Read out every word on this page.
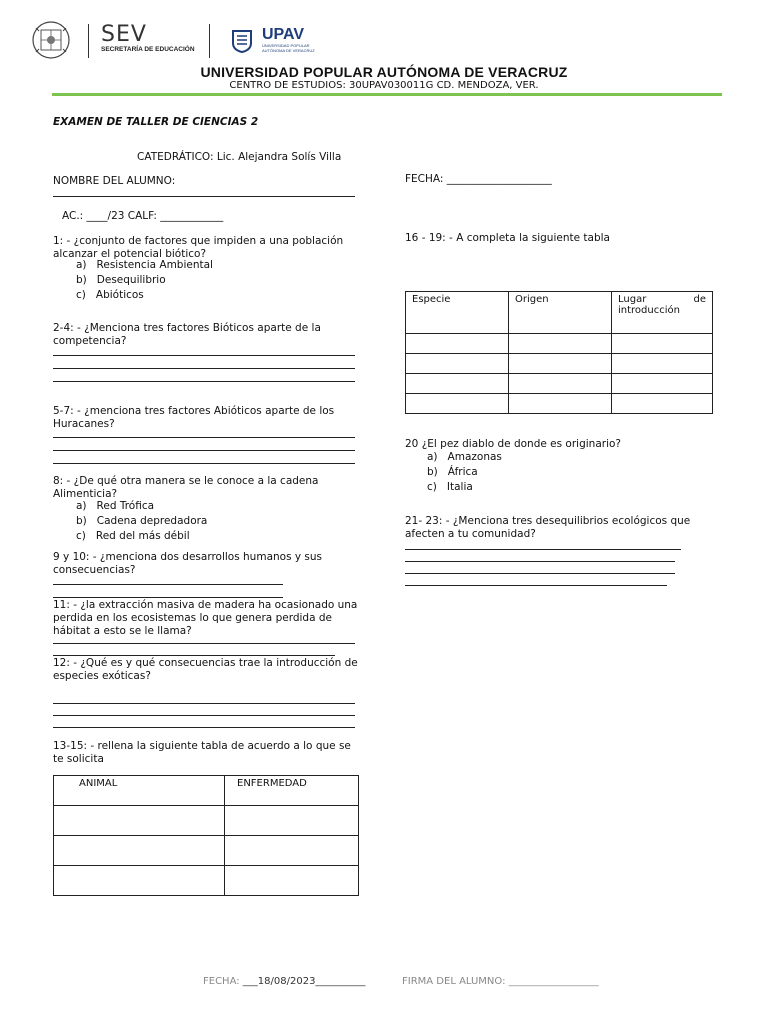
SEV
SECRETARÍA DE EDUCACIÓN
UPAV
UNIVERSIDAD POPULAR
AUTÓNOMA DE VERACRUZ
UNIVERSIDAD POPULAR AUTÓNOMA DE VERACRUZ
CENTRO DE ESTUDIOS: 30UPAV030011G CD. MENDOZA, VER.
EXAMEN DE TALLER DE CIENCIAS 2
CATEDRÁTICO: Lic. Alejandra Solís Villa
NOMBRE DEL ALUMNO:	FECHA: ____________________
AC.: ____/23 CALF: ____________
1: - ¿conjunto de factores que impiden a una población alcanzar el potencial biótico?
a)   Resistencia Ambiental
b)   Desequilibrio
c)   Abióticos
2-4: - ¿Menciona tres factores Bióticos aparte de la competencia?
5-7: - ¿menciona tres factores Abióticos aparte de los Huracanes?
8: - ¿De qué otra manera se le conoce a la cadena Alimenticia?
a)   Red Trófica
b)   Cadena depredadora
c)   Red del más débil
9 y 10: - ¿menciona dos desarrollos humanos y sus consecuencias?
11: - ¿la extracción masiva de madera ha ocasionado una perdida en los ecosistemas lo que genera perdida de hábitat a esto se le llama?
12: - ¿Qué es y qué consecuencias trae la introducción de especies exóticas?
13-15: - rellena la siguiente tabla de acuerdo a lo que se te solicita
ANIMAL	ENFERMEDAD

16 - 19: - A completa la siguiente tabla
Especie	Origen	Lugar de introducción

20 ¿El pez diablo de donde es originario?
a)   Amazonas
b)   África
c)   Italia
21- 23: - ¿Menciona tres desequilibrios ecológicos que afecten a tu comunidad?
FECHA: ___18/08/2023__________	FIRMA DEL ALUMNO: __________________
